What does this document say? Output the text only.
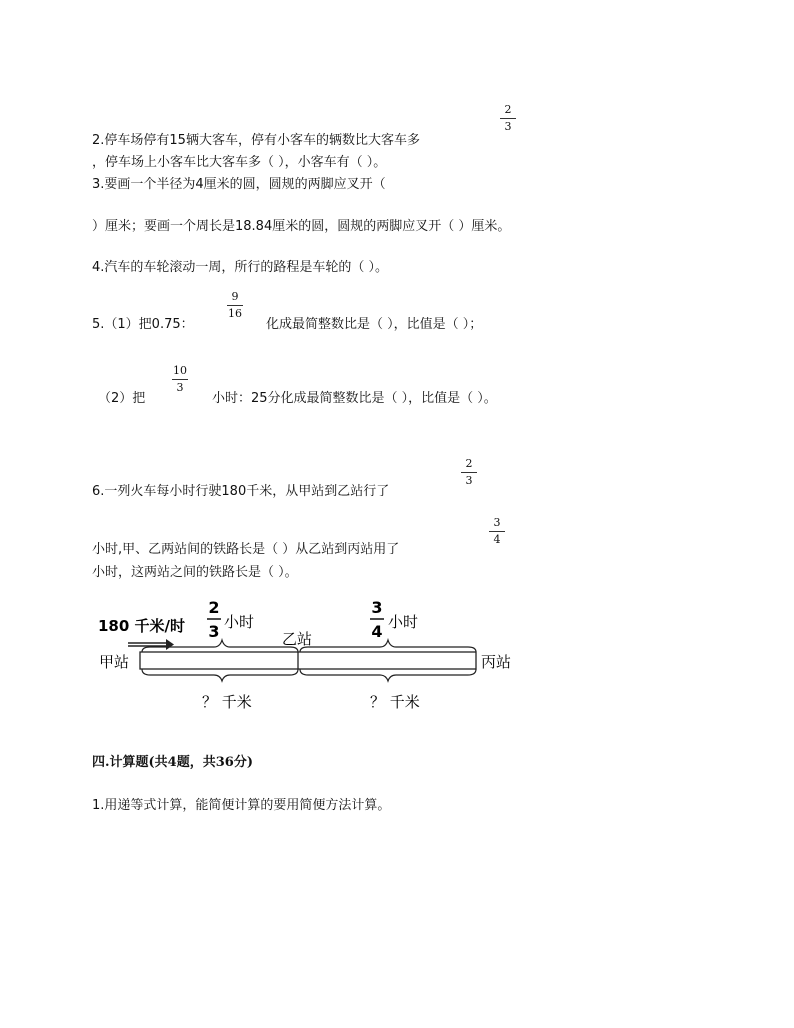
2
3
2.停车场停有15辆大客车，停有小客车的辆数比大客车多
，停车场上小客车比大客车多（ ），小客车有（ ）。
3.要画一个半径为4厘米的圆，圆规的两脚应叉开（
）厘米；要画一个周长是18.84厘米的圆，圆规的两脚应叉开（ ）厘米。
4.汽车的车轮滚动一周，所行的路程是车轮的（ ）。
5.（1）把0.75：
9
16
化成最简整数比是（ ），比值是（ ）；
（2）把
10
3
小时：25分化成最简整数比是（ ），比值是（ ）。
2
3
6.一列火车每小时行驶180千米，从甲站到乙站行了
3
4
小时,甲、乙两站间的铁路长是（ ）从乙站到丙站用了
小时，这两站之间的铁路长是（ ）。
180 千米/时
2
3 小时
乙站
3
4 小时
甲站	丙站
？ 千米	？ 千米
四.计算题(共4题，共36分)
1.用递等式计算，能简便计算的要用简便方法计算。
